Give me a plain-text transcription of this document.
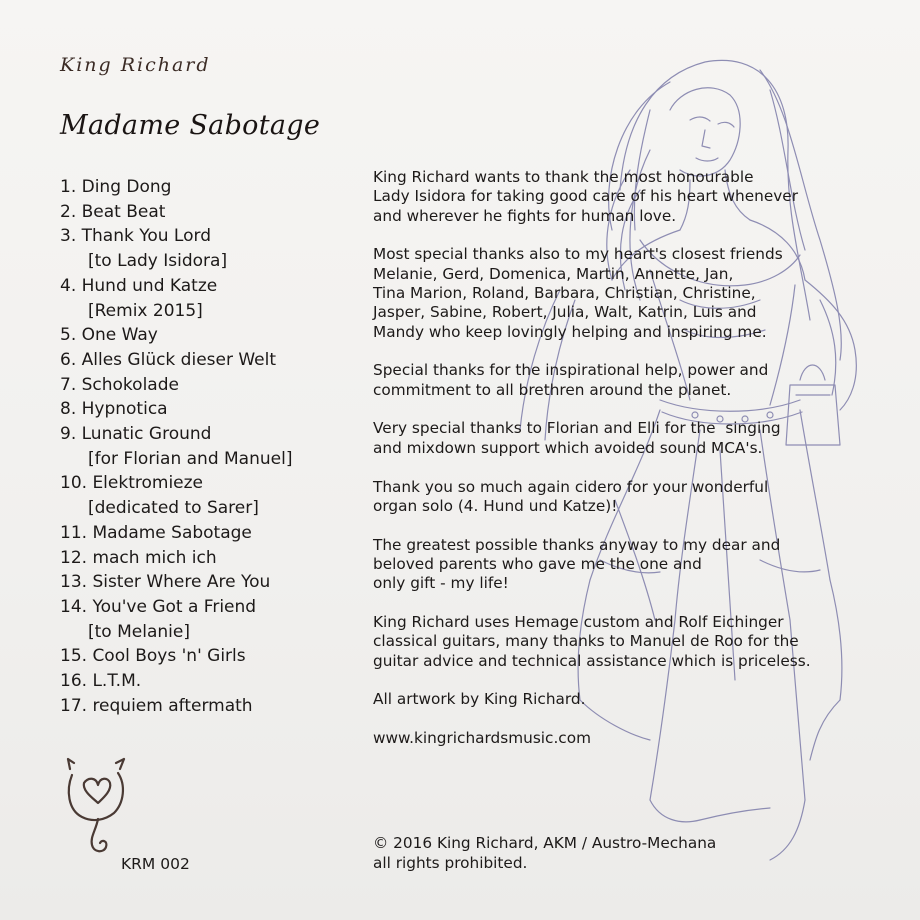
King Richard
Madame Sabotage
1. Ding Dong
2. Beat Beat
3. Thank You Lord
[to Lady Isidora]
4. Hund und Katze
[Remix 2015]
5. One Way
6. Alles Glück dieser Welt
7. Schokolade
8. Hypnotica
9. Lunatic Ground
[for Florian and Manuel]
10. Elektromieze
[dedicated to Sarer]
11. Madame Sabotage
12. mach mich ich
13. Sister Where Are You
14. You've Got a Friend
[to Melanie]
15. Cool Boys 'n' Girls
16. L.T.M.
17. requiem aftermath

King Richard wants to thank the most honourable
Lady Isidora for taking good care of his heart whenever
and wherever he fights for human love.

Most special thanks also to my heart's closest friends
Melanie, Gerd, Domenica, Martin, Annette, Jan,
Tina Marion, Roland, Barbara, Christian, Christine,
Jasper, Sabine, Robert, Julia, Walt, Katrin, Luis and
Mandy who keep lovingly helping and inspiring me.

Special thanks for the inspirational help, power and
commitment to all brethren around the planet.

Very special thanks to Florian and Elli for the  singing
and mixdown support which avoided sound MCA's.

Thank you so much again cidero for your wonderful
organ solo (4. Hund und Katze)!

The greatest possible thanks anyway to my dear and
beloved parents who gave me the one and
only gift - my life!

King Richard uses Hemage custom and Rolf Eichinger
classical guitars, many thanks to Manuel de Roo for the
guitar advice and technical assistance which is priceless.

All artwork by King Richard.

www.kingrichardsmusic.com

KRM 002
© 2016 King Richard, AKM / Austro-Mechana
all rights prohibited.
